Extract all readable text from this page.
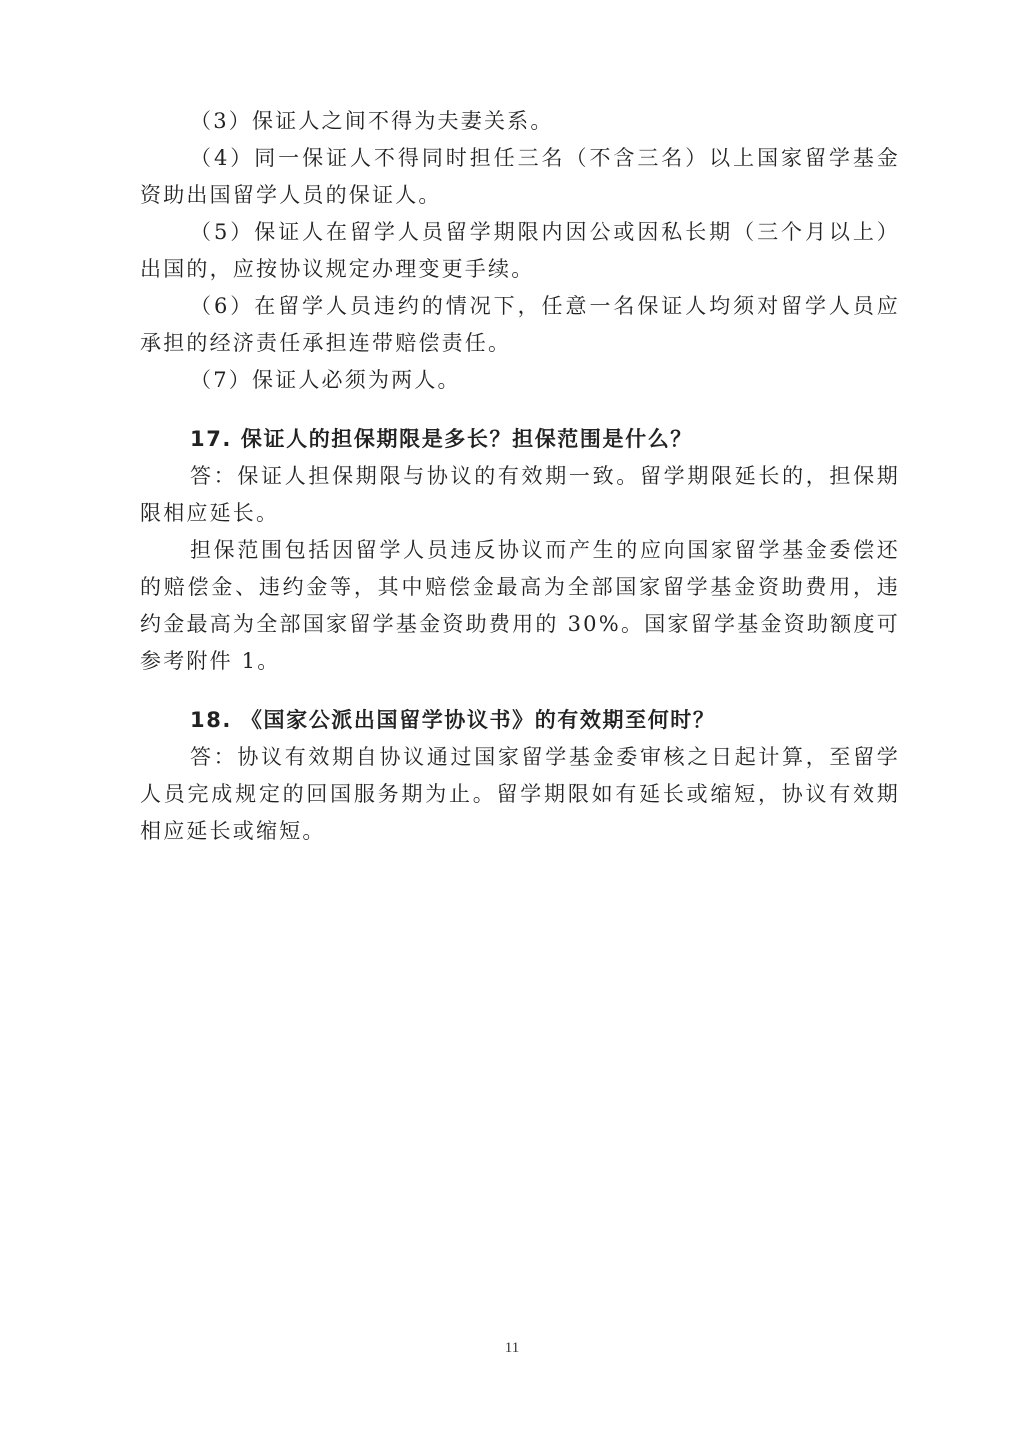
（3）保证人之间不得为夫妻关系。

（4）同一保证人不得同时担任三名（不含三名）以上国家留学基金资助出国留学人员的保证人。

（5）保证人在留学人员留学期限内因公或因私长期（三个月以上）出国的，应按协议规定办理变更手续。

（6）在留学人员违约的情况下，任意一名保证人均须对留学人员应承担的经济责任承担连带赔偿责任。

（7）保证人必须为两人。

17. 保证人的担保期限是多长？担保范围是什么？

答：保证人担保期限与协议的有效期一致。留学期限延长的，担保期限相应延长。

担保范围包括因留学人员违反协议而产生的应向国家留学基金委偿还的赔偿金、违约金等，其中赔偿金最高为全部国家留学基金资助费用，违约金最高为全部国家留学基金资助费用的 30%。国家留学基金资助额度可参考附件 1。

18. 《国家公派出国留学协议书》的有效期至何时？

答：协议有效期自协议通过国家留学基金委审核之日起计算，至留学人员完成规定的回国服务期为止。留学期限如有延长或缩短，协议有效期相应延长或缩短。

11
